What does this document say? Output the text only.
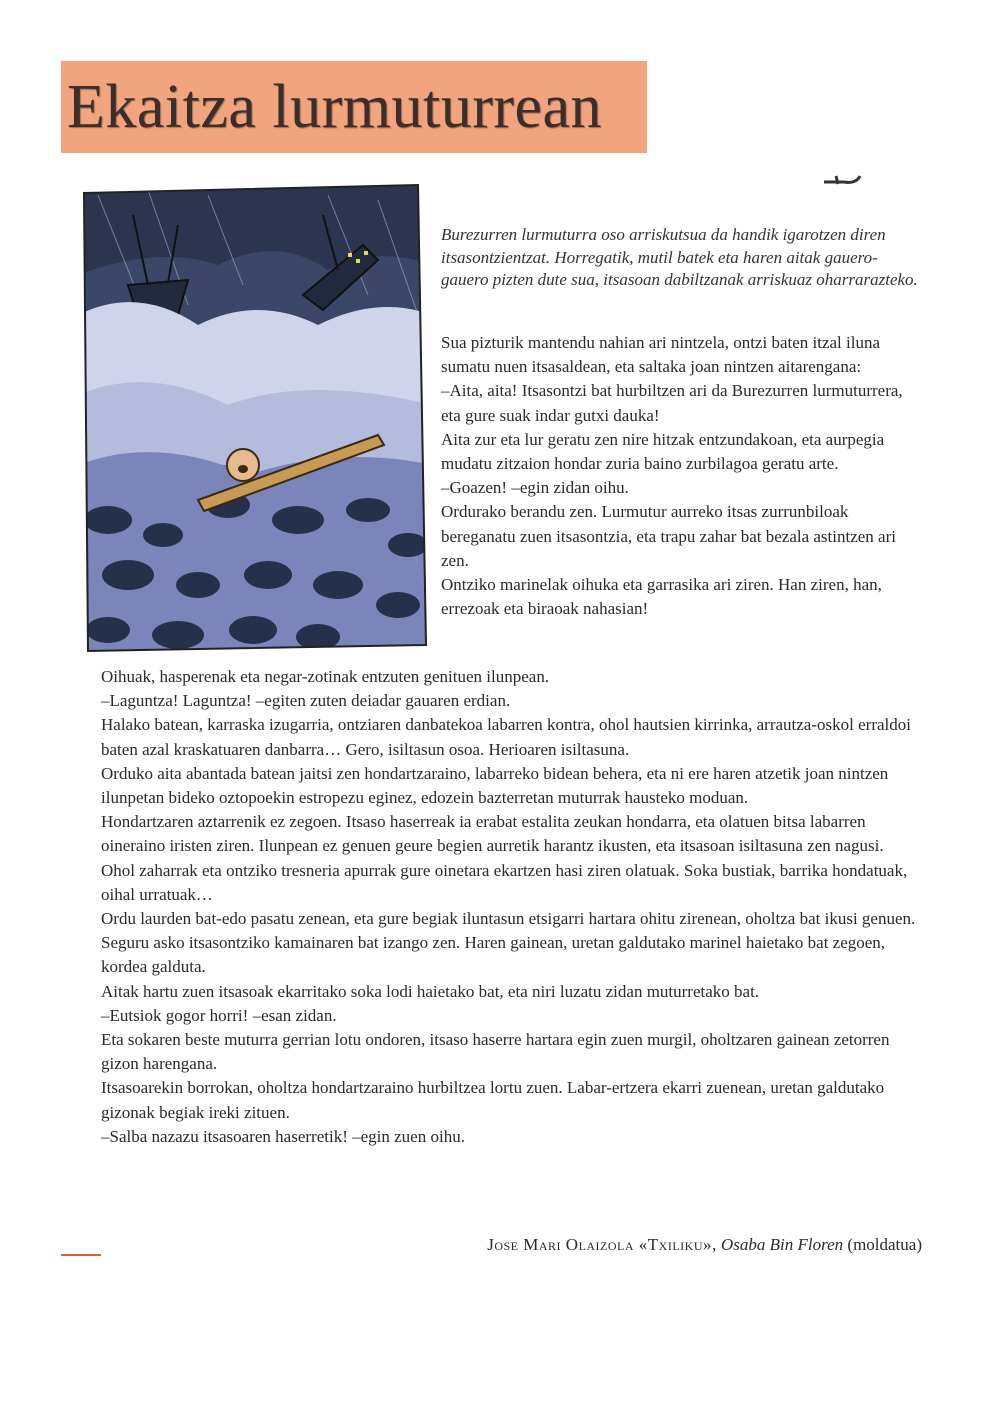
Ekaitza lurmuturrean

Burezurren lurmuturra oso arriskutsua da handik igarotzen diren itsasontzientzat. Horregatik, mutil batek eta haren aitak gauero-gauero pizten dute sua, itsasoan dabiltzanak arriskuaz oharrarazteko.

Sua pizturik mantendu nahian ari nintzela, ontzi baten itzal iluna sumatu nuen itsasaldean, eta saltaka joan nintzen aitarengana:

–Aita, aita! Itsasontzi bat hurbiltzen ari da Burezurren lurmuturrera, eta gure suak indar gutxi dauka!

Aita zur eta lur geratu zen nire hitzak entzundakoan, eta aurpegia mudatu zitzaion hondar zuria baino zurbilagoa geratu arte.

–Goazen! –egin zidan oihu.

Ordurako berandu zen. Lurmutur aurreko itsas zurrunbiloak bereganatu zuen itsasontzia, eta trapu zahar bat bezala astintzen ari zen.

Ontziko marinelak oihuka eta garrasika ari ziren. Han ziren, han, errezoak eta biraoak nahasian!

Oihuak, hasperenak eta negar-zotinak entzuten genituen ilunpean.

–Laguntza! Laguntza! –egiten zuten deiadar gauaren erdian.

Halako batean, karraska izugarria, ontziaren danbatekoa labarren kontra, ohol hautsien kirrinka, arrautza-oskol erraldoi baten azal kraskatuaren danbarra… Gero, isiltasun osoa. Herioaren isiltasuna.

Orduko aita abantada batean jaitsi zen hondartzaraino, labarreko bidean behera, eta ni ere haren atzetik joan nintzen ilunpetan bideko oztopoekin estropezu eginez, edozein bazterretan muturrak hausteko moduan.

Hondartzaren aztarrenik ez zegoen. Itsaso haserreak ia erabat estalita zeukan hondarra, eta olatuen bitsa labarren oineraino iristen ziren. Ilunpean ez genuen geure begien aurretik harantz ikusten, eta itsasoan isiltasuna zen nagusi.

Ohol zaharrak eta ontziko tresneria apurrak gure oinetara ekartzen hasi ziren olatuak. Soka bustiak, barrika hondatuak, oihal urratuak…

Ordu laurden bat-edo pasatu zenean, eta gure begiak iluntasun etsigarri hartara ohitu zirenean, oholtza bat ikusi genuen. Seguru asko itsasontziko kamainaren bat izango zen. Haren gainean, uretan galdutako marinel haietako bat zegoen, kordea galduta.

Aitak hartu zuen itsasoak ekarritako soka lodi haietako bat, eta niri luzatu zidan muturretako bat.

–Eutsiok gogor horri! –esan zidan.

Eta sokaren beste muturra gerrian lotu ondoren, itsaso haserre hartara egin zuen murgil, oholtzaren gainean zetorren gizon harengana.

Itsasoarekin borrokan, oholtza hondartzaraino hurbiltzea lortu zuen. Labar-ertzera ekarri zuenean, uretan galdutako gizonak begiak ireki zituen.

–Salba nazazu itsasoaren haserretik! –egin zuen oihu.

Jose Mari Olaizola «Txiliku», Osaba Bin Floren (moldatua)
